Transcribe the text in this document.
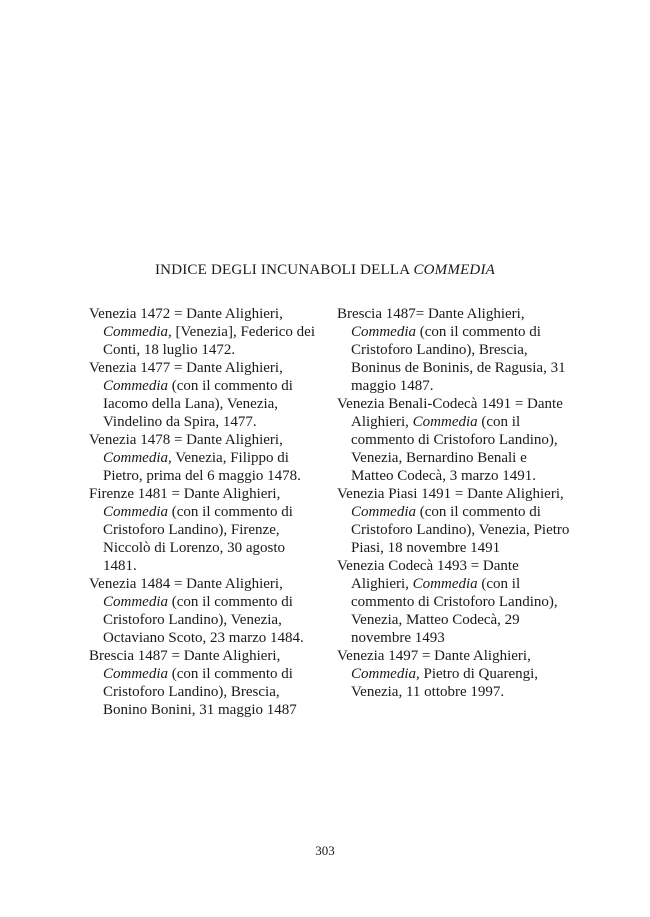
INDICE DEGLI INCUNABOLI DELLA COMMEDIA

Venezia 1472 = Dante Alighieri, Commedia, [Venezia], Federico dei Conti, 18 luglio 1472.

Venezia 1477 = Dante Alighieri, Commedia (con il commento di Iacomo della Lana), Venezia, Vindelino da Spira, 1477.

Venezia 1478 = Dante Alighieri, Commedia, Venezia, Filippo di Pietro, prima del 6 maggio 1478.

Firenze 1481 = Dante Alighieri, Commedia (con il commento di Cristoforo Landino), Firenze, Niccolò di Lorenzo, 30 agosto 1481.

Venezia 1484 = Dante Alighieri, Commedia (con il commento di Cristoforo Landino), Venezia, Octaviano Scoto, 23 marzo 1484.

Brescia 1487 = Dante Alighieri, Commedia (con il commento di Cristoforo Landino), Brescia, Bonino Bonini, 31 maggio 1487

Brescia 1487= Dante Alighieri, Commedia (con il commento di Cristoforo Landino), Brescia, Boninus de Boninis, de Ragusia, 31 maggio 1487.

Venezia Benali-Codecà 1491 = Dante Alighieri, Commedia (con il commento di Cristoforo Landino), Venezia, Bernardino Benali e Matteo Codecà, 3 marzo 1491.

Venezia Piasi 1491 = Dante Alighieri, Commedia (con il commento di Cristoforo Landino), Venezia, Pietro Piasi, 18 novembre 1491

Venezia Codecà 1493 = Dante Alighieri, Commedia (con il commento di Cristoforo Landino), Venezia, Matteo Codecà, 29 novembre 1493

Venezia 1497 = Dante Alighieri, Commedia, Pietro di Quarengi, Venezia, 11 ottobre 1997.

303
